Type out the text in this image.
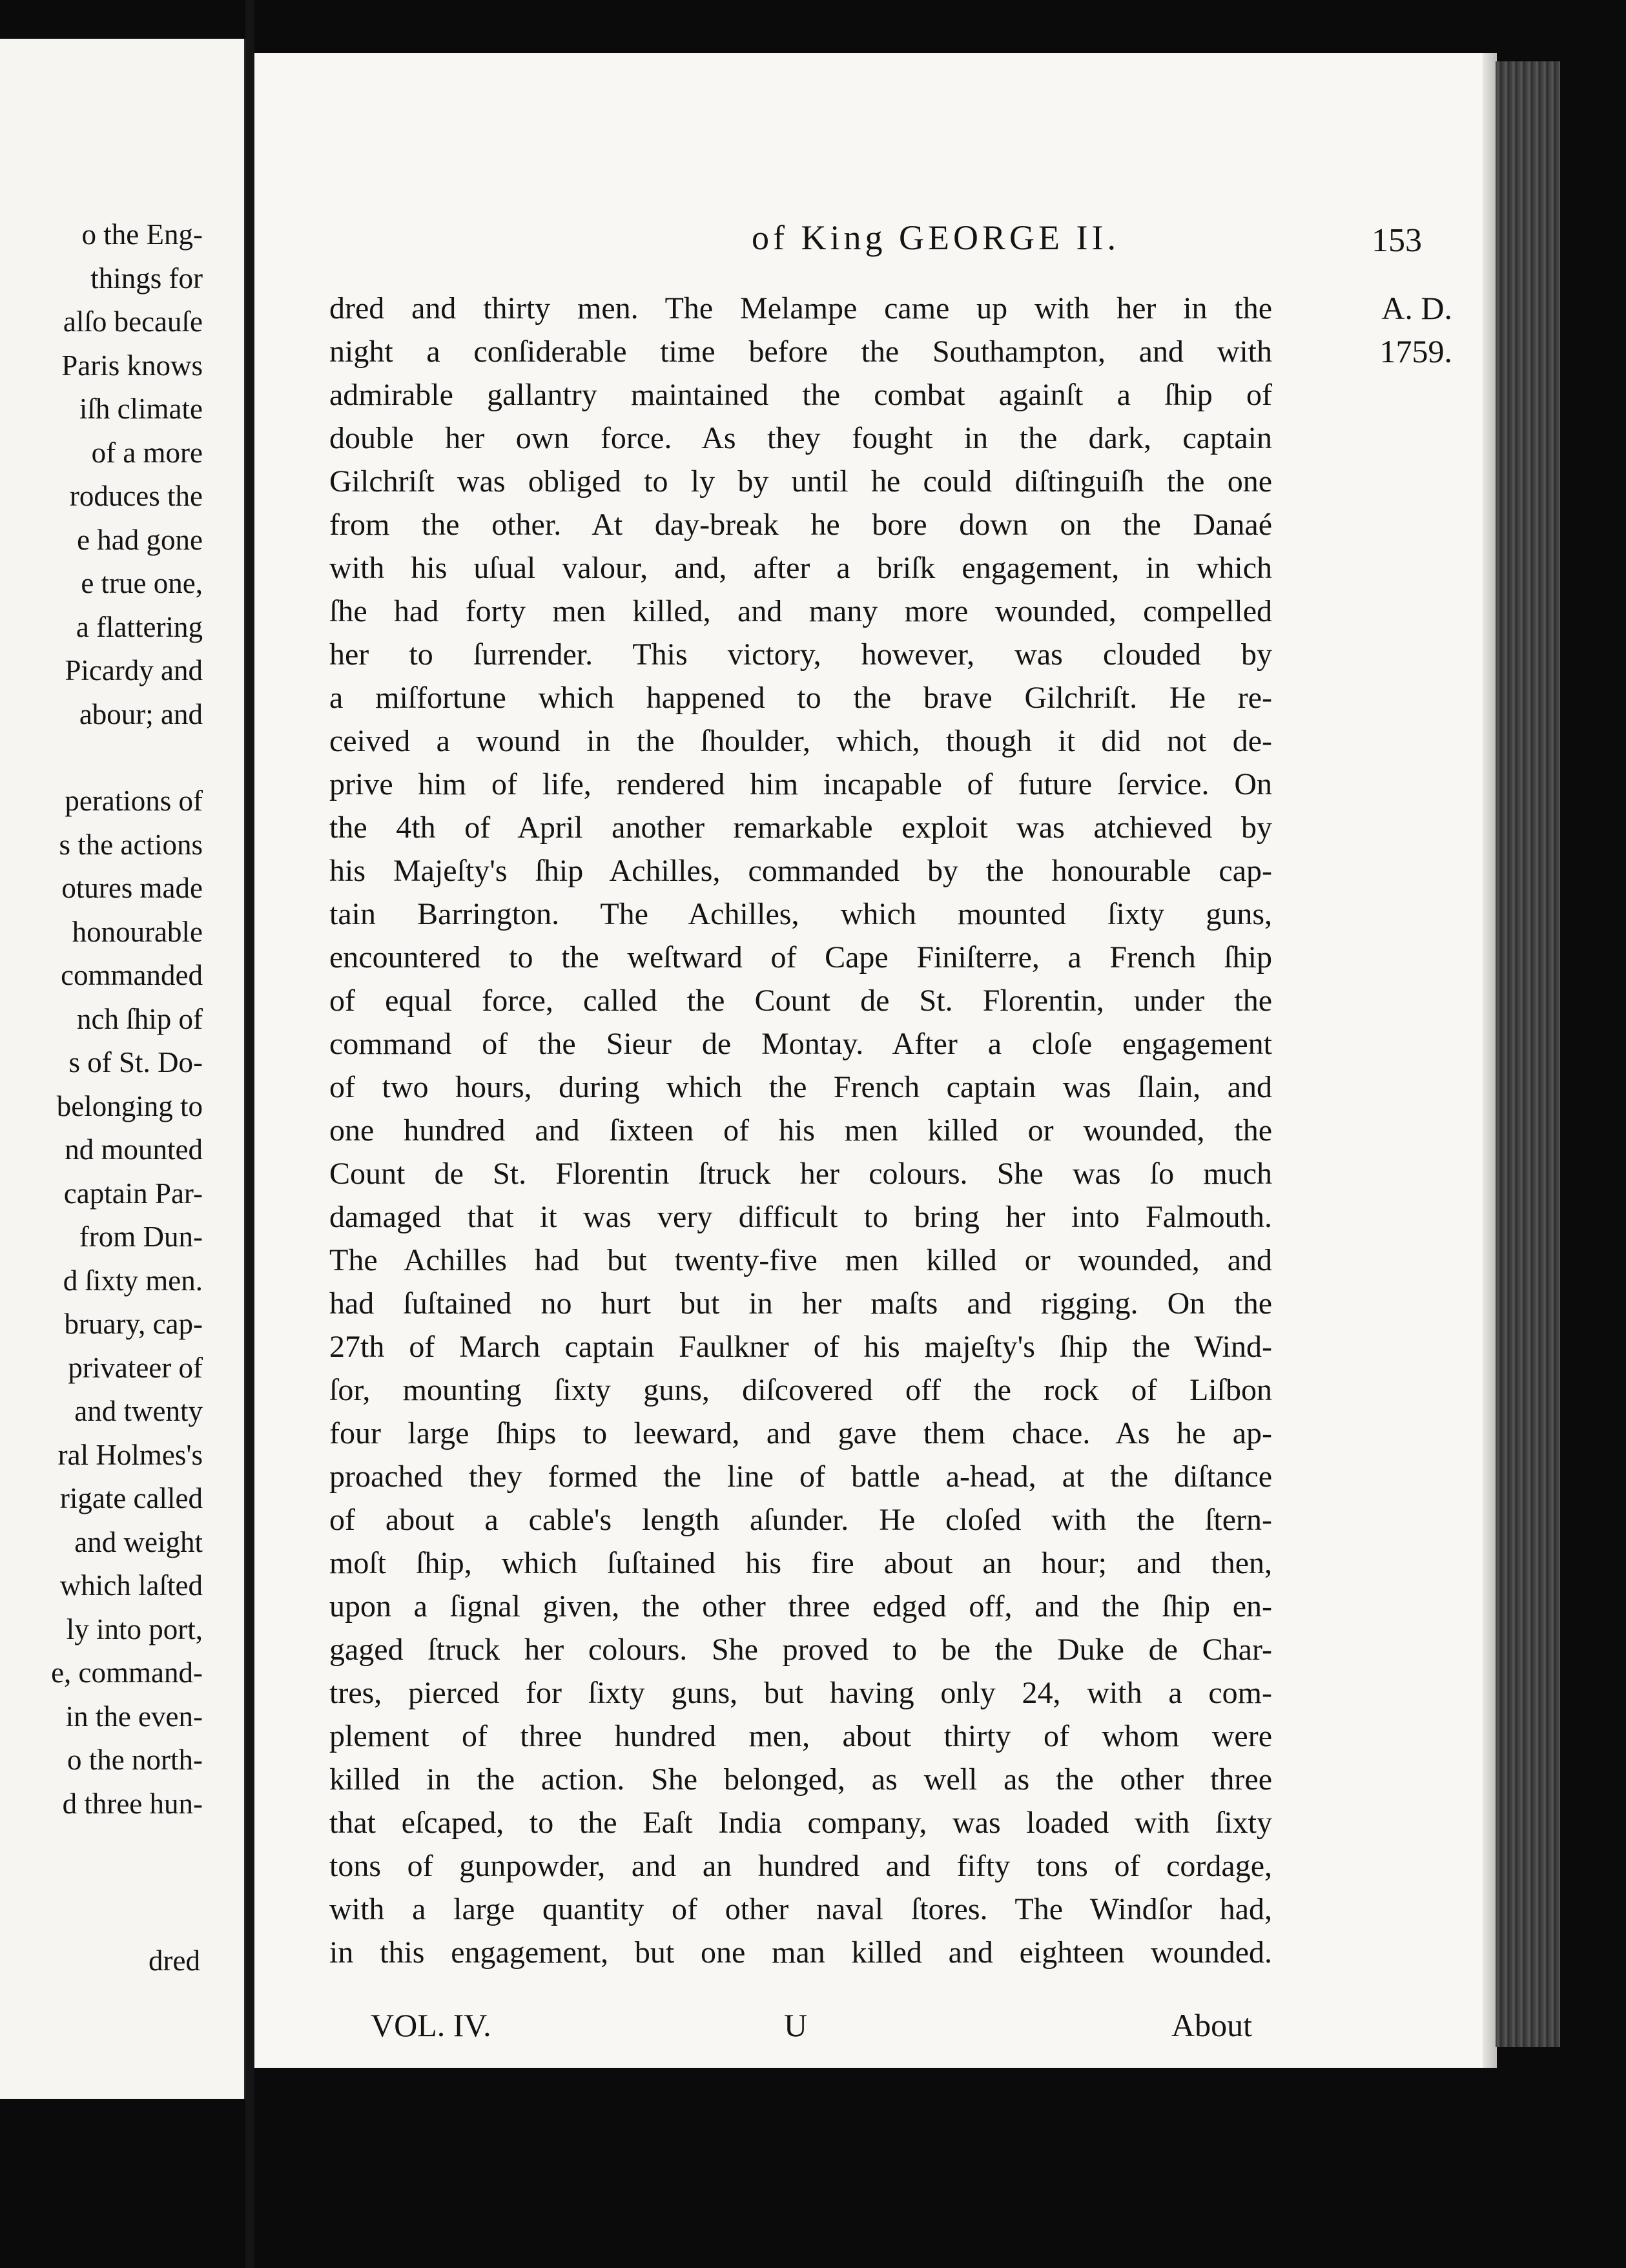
o the Eng-
things for
alſo becauſe
Paris knows
iſh climate
of a more
roduces the
e had gone
e true one,
a flattering
Picardy and
abour; and
perations of
s the actions
otures made
honourable
commanded
nch ſhip of
s of St. Do-
belonging to
nd mounted
captain Par-
from Dun-
d ſixty men.
bruary, cap-
privateer of
and twenty
ral Holmes's
rigate called
and weight
which laſted
ly into port,
e, command-
in the even-
o the north-
d three hun-
dred
of King GEORGE II.	153
dred and thirty men. The Melampe came up with her in the
night a conſiderable time before the Southampton, and with
admirable gallantry maintained the combat againſt a ſhip of
double her own force. As they fought in the dark, captain
Gilchriſt was obliged to ly by until he could diſtinguiſh the one
from the other. At day-break he bore down on the Danaé
with his uſual valour, and, after a briſk engagement, in which
ſhe had forty men killed, and many more wounded, compelled
her to ſurrender. This victory, however, was clouded by
a miſfortune which happened to the brave Gilchriſt. He re-
ceived a wound in the ſhoulder, which, though it did not de-
prive him of life, rendered him incapable of future ſervice. On
the 4th of April another remarkable exploit was atchieved by
his Majeſty's ſhip Achilles, commanded by the honourable cap-
tain Barrington. The Achilles, which mounted ſixty guns,
encountered to the weſtward of Cape Finiſterre, a French ſhip
of equal force, called the Count de St. Florentin, under the
command of the Sieur de Montay. After a cloſe engagement
of two hours, during which the French captain was ſlain, and
one hundred and ſixteen of his men killed or wounded, the
Count de St. Florentin ſtruck her colours. She was ſo much
damaged that it was very difficult to bring her into Falmouth.
The Achilles had but twenty-five men killed or wounded, and
had ſuſtained no hurt but in her maſts and rigging. On the
27th of March captain Faulkner of his majeſty's ſhip the Wind-
ſor, mounting ſixty guns, diſcovered off the rock of Liſbon
four large ſhips to leeward, and gave them chace. As he ap-
proached they formed the line of battle a-head, at the diſtance
of about a cable's length aſunder. He cloſed with the ſtern-
moſt ſhip, which ſuſtained his fire about an hour; and then,
upon a ſignal given, the other three edged off, and the ſhip en-
gaged ſtruck her colours. She proved to be the Duke de Char-
tres, pierced for ſixty guns, but having only 24, with a com-
plement of three hundred men, about thirty of whom were
killed in the action. She belonged, as well as the other three
that eſcaped, to the Eaſt India company, was loaded with ſixty
tons of gunpowder, and an hundred and fifty tons of cordage,
with a large quantity of other naval ſtores. The Windſor had,
in this engagement, but one man killed and eighteen wounded.
A. D.
1759.
VOL. IV.	U	About
